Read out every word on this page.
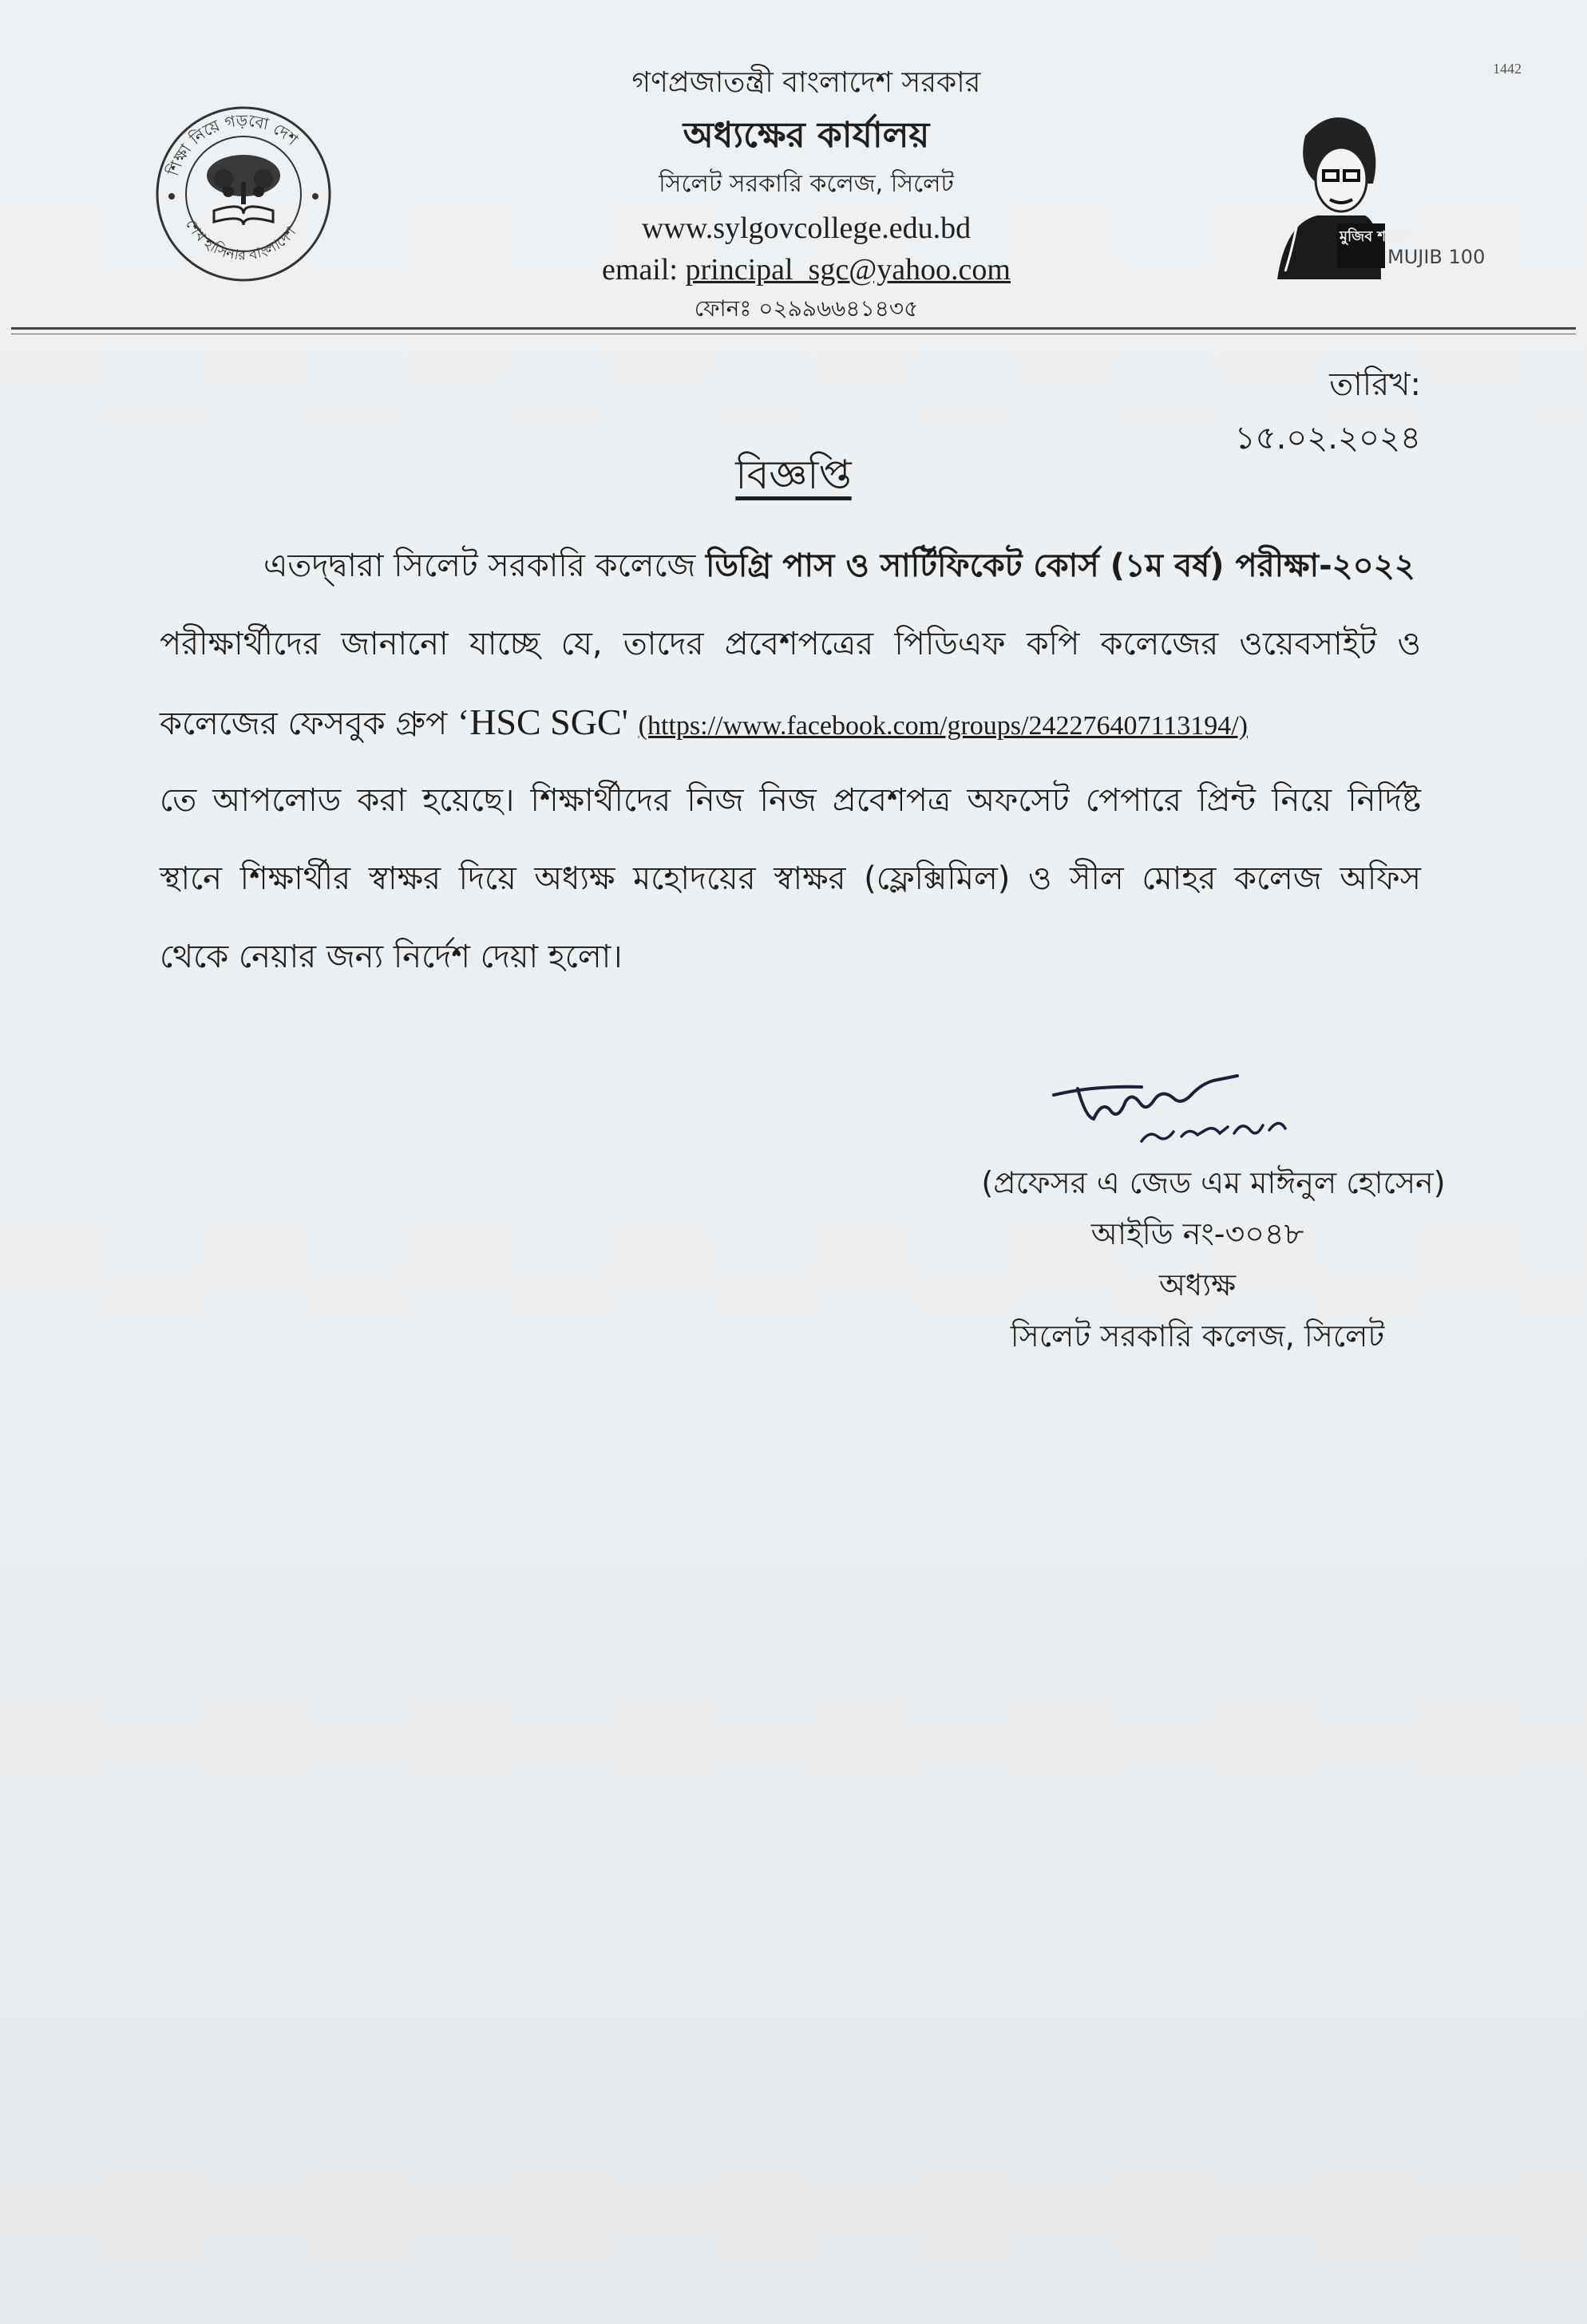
1442
শিক্ষা নিয়ে গড়বো দেশ
শেখ হাসিনার বাংলাদেশ
গণপ্রজাতন্ত্রী বাংলাদেশ সরকার
অধ্যক্ষের কার্যালয়
সিলেট সরকারি কলেজ, সিলেট
www.sylgovcollege.edu.bd
email: principal_sgc@yahoo.com
ফোনঃ ০২৯৯৬৬৪১৪৩৫
মুজিব শতবর্ষ
MUJIB 100
তারিখ: ১৫.০২.২০২৪
বিজ্ঞপ্তি
এতদ্দ্বারা সিলেট সরকারি কলেজে ডিগ্রি পাস ও সার্টিফিকেট কোর্স (১ম বর্ষ) পরীক্ষা-২০২২
পরীক্ষার্থীদের জানানো যাচ্ছে যে, তাদের প্রবেশপত্রের পিডিএফ কপি কলেজের ওয়েবসাইট ও
কলেজের ফেসবুক গ্রুপ ‘HSC SGC' (https://www.facebook.com/groups/242276407113194/)
তে আপলোড করা হয়েছে। শিক্ষার্থীদের নিজ নিজ প্রবেশপত্র অফসেট পেপারে প্রিন্ট নিয়ে নির্দিষ্ট
স্থানে শিক্ষার্থীর স্বাক্ষর দিয়ে অধ্যক্ষ মহোদয়ের স্বাক্ষর (ফ্লেক্সিমিল) ও সীল মোহর কলেজ অফিস
থেকে নেয়ার জন্য নির্দেশ দেয়া হলো।
(প্রফেসর এ জেড এম মাঈনুল হোসেন)
আইডি নং-৩০৪৮
অধ্যক্ষ
সিলেট সরকারি কলেজ, সিলেট
